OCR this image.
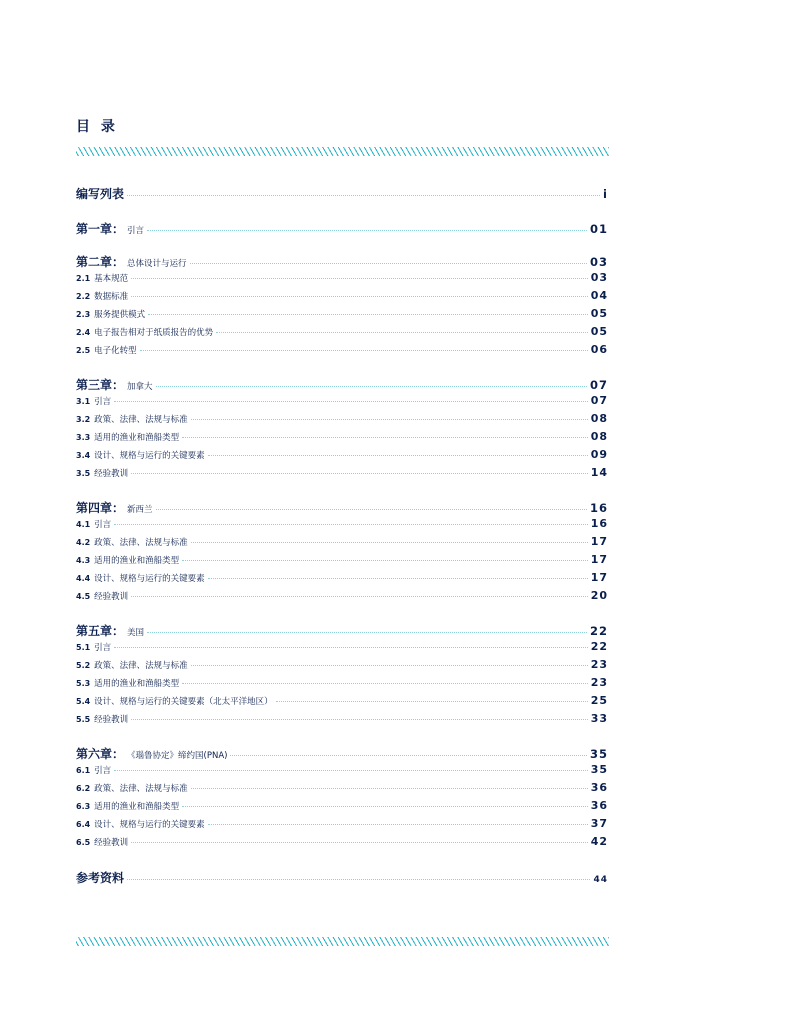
目 录
编写列表	i
第一章： 引言	01
第二章： 总体设计与运行	03
2.1 基本规范	03
2.2 数据标准	04
2.3 服务提供模式	05
2.4 电子报告相对于纸质报告的优势	05
2.5 电子化转型	06
第三章： 加拿大	07
3.1 引言	07
3.2 政策、法律、法规与标准	08
3.3 适用的渔业和渔船类型	08
3.4 设计、规格与运行的关键要素	09
3.5 经验教训	14
第四章： 新西兰	16
4.1 引言	16
4.2 政策、法律、法规与标准	17
4.3 适用的渔业和渔船类型	17
4.4 设计、规格与运行的关键要素	17
4.5 经验教训	20
第五章： 美国	22
5.1 引言	22
5.2 政策、法律、法规与标准	23
5.3 适用的渔业和渔船类型	23
5.4 设计、规格与运行的关键要素（北太平洋地区）	25
5.5 经验教训	33
第六章： 《瑙鲁协定》缔约国(PNA)	35
6.1 引言	35
6.2 政策、法律、法规与标准	36
6.3 适用的渔业和渔船类型	36
6.4 设计、规格与运行的关键要素	37
6.5 经验教训	42
参考资料	44
